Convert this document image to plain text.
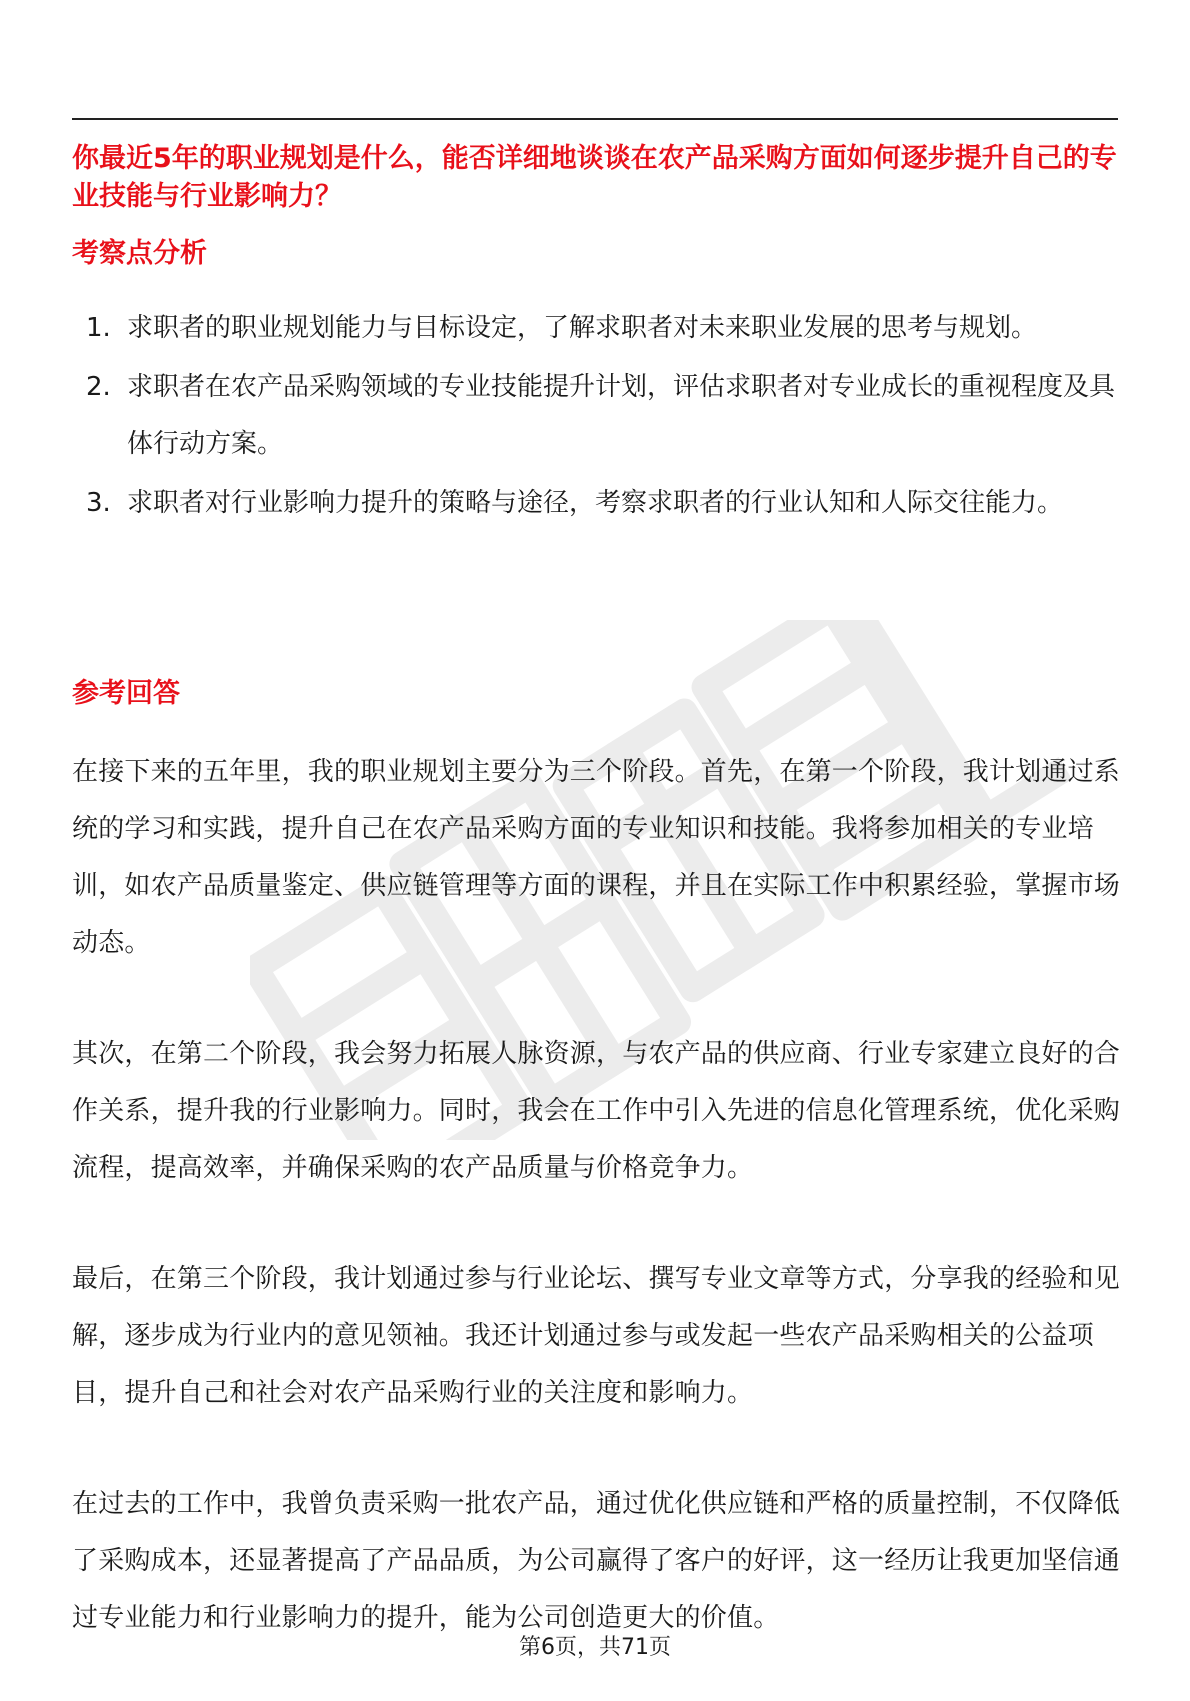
你最近5年的职业规划是什么，能否详细地谈谈在农产品采购方面如何逐步提升自己的专业技能与行业影响力？
考察点分析
1. 求职者的职业规划能力与目标设定，了解求职者对未来职业发展的思考与规划。
2. 求职者在农产品采购领域的专业技能提升计划，评估求职者对专业成长的重视程度及具体行动方案。
3. 求职者对行业影响力提升的策略与途径，考察求职者的行业认知和人际交往能力。
参考回答

在接下来的五年里，我的职业规划主要分为三个阶段。首先，在第一个阶段，我计划通过系统的学习和实践，提升自己在农产品采购方面的专业知识和技能。我将参加相关的专业培训，如农产品质量鉴定、供应链管理等方面的课程，并且在实际工作中积累经验，掌握市场动态。

其次，在第二个阶段，我会努力拓展人脉资源，与农产品的供应商、行业专家建立良好的合作关系，提升我的行业影响力。同时，我会在工作中引入先进的信息化管理系统，优化采购流程，提高效率，并确保采购的农产品质量与价格竞争力。

最后，在第三个阶段，我计划通过参与行业论坛、撰写专业文章等方式，分享我的经验和见解，逐步成为行业内的意见领袖。我还计划通过参与或发起一些农产品采购相关的公益项目，提升自己和社会对农产品采购行业的关注度和影响力。

在过去的工作中，我曾负责采购一批农产品，通过优化供应链和严格的质量控制，不仅降低了采购成本，还显著提高了产品品质，为公司赢得了客户的好评，这一经历让我更加坚信通过专业能力和行业影响力的提升，能为公司创造更大的价值。

第6页，共71页
